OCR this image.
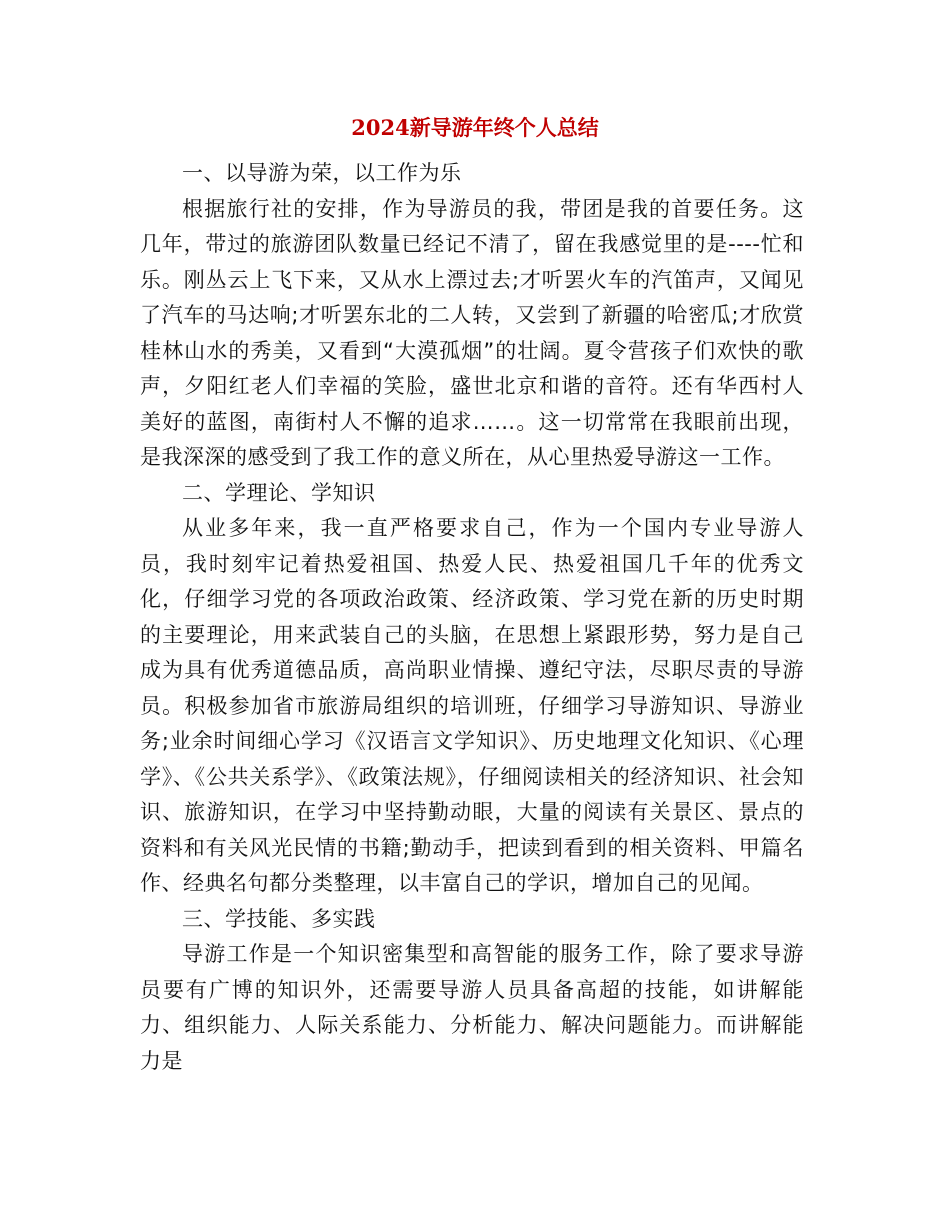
2024新导游年终个人总结

一、以导游为荣，以工作为乐

根据旅行社的安排，作为导游员的我，带团是我的首要任务。这几年，带过的旅游团队数量已经记不清了，留在我感觉里的是----忙和乐。刚丛云上飞下来，又从水上漂过去;才听罢火车的汽笛声，又闻见了汽车的马达响;才听罢东北的二人转，又尝到了新疆的哈密瓜;才欣赏桂林山水的秀美，又看到“大漠孤烟”的壮阔。夏令营孩子们欢快的歌声，夕阳红老人们幸福的笑脸，盛世北京和谐的音符。还有华西村人美好的蓝图，南街村人不懈的追求……。这一切常常在我眼前出现，是我深深的感受到了我工作的意义所在，从心里热爱导游这一工作。

二、学理论、学知识

从业多年来，我一直严格要求自己，作为一个国内专业导游人员，我时刻牢记着热爱祖国、热爱人民、热爱祖国几千年的优秀文化，仔细学习党的各项政治政策、经济政策、学习党在新的历史时期的主要理论，用来武装自己的头脑，在思想上紧跟形势，努力是自己成为具有优秀道德品质，高尚职业情操、遵纪守法，尽职尽责的导游员。积极参加省市旅游局组织的培训班，仔细学习导游知识、导游业务;业余时间细心学习《汉语言文学知识》、历史地理文化知识、《心理学》、《公共关系学》、《政策法规》，仔细阅读相关的经济知识、社会知识、旅游知识，在学习中坚持勤动眼，大量的阅读有关景区、景点的资料和有关风光民情的书籍;勤动手，把读到看到的相关资料、甲篇名作、经典名句都分类整理，以丰富自己的学识，增加自己的见闻。

三、学技能、多实践

导游工作是一个知识密集型和高智能的服务工作，除了要求导游员要有广博的知识外，还需要导游人员具备高超的技能，如讲解能力、组织能力、人际关系能力、分析能力、解决问题能力。而讲解能力是
